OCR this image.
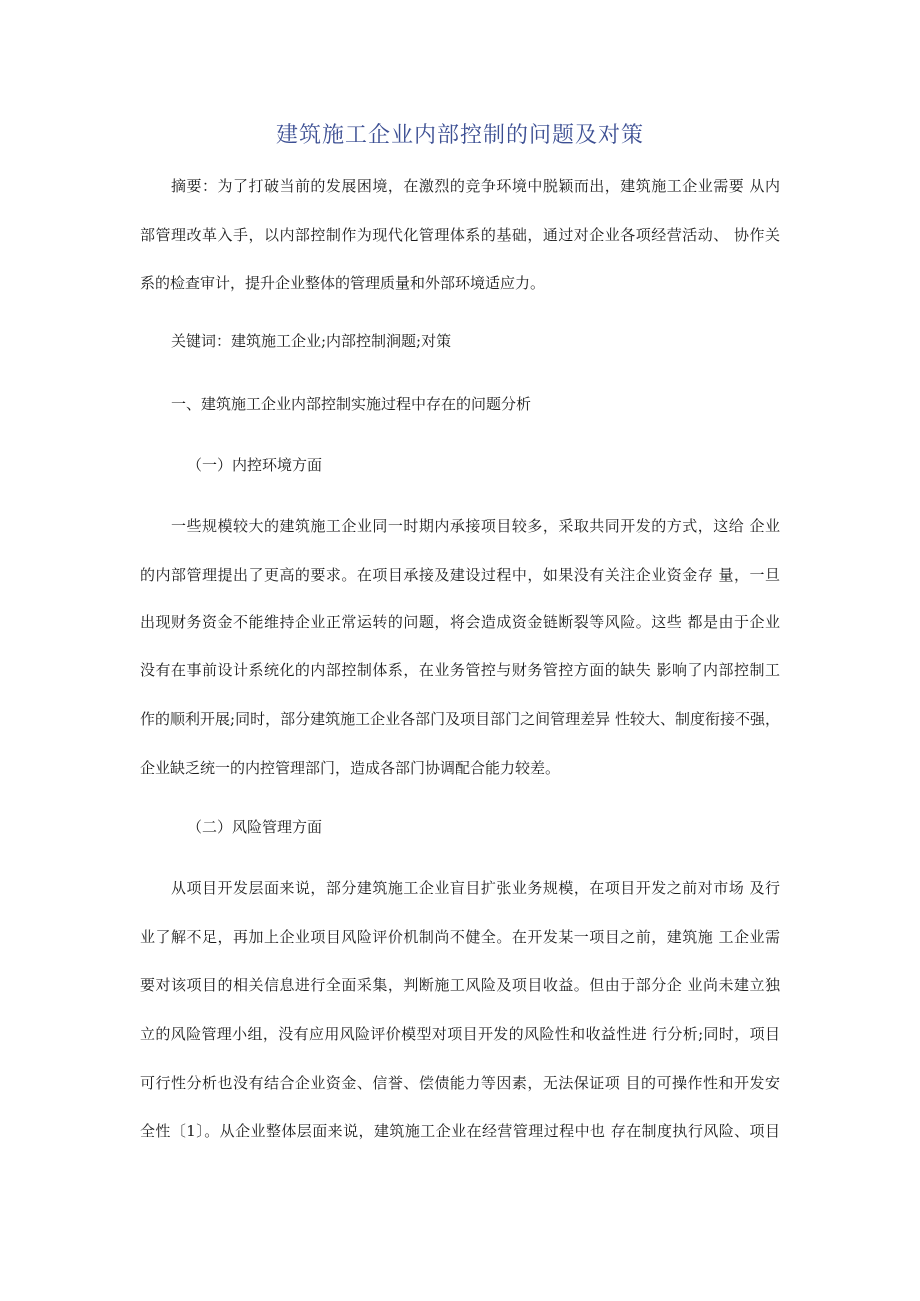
建筑施工企业内部控制的问题及对策
摘要：为了打破当前的发展困境，在激烈的竞争环境中脱颖而出，建筑施工企业需要 从内
部管理改革入手，以内部控制作为现代化管理体系的基础，通过对企业各项经营活动、 协作关
系的检查审计，提升企业整体的管理质量和外部环境适应力。
关键词：建筑施工企业;内部控制涧题;对策
一、建筑施工企业内部控制实施过程中存在的问题分析
（一）内控环境方面
一些规模较大的建筑施工企业同一时期内承接项目较多，采取共同开发的方式，这给 企业
的内部管理提出了更高的要求。在项目承接及建设过程中，如果没有关注企业资金存 量，一旦
出现财务资金不能维持企业正常运转的问题，将会造成资金链断裂等风险。这些 都是由于企业
没有在事前设计系统化的内部控制体系，在业务管控与财务管控方面的缺失 影响了内部控制工
作的顺利开展;同时，部分建筑施工企业各部门及项目部门之间管理差异 性较大、制度衔接不强，
企业缺乏统一的内控管理部门，造成各部门协调配合能力较差。
（二）风险管理方面
从项目开发层面来说，部分建筑施工企业盲目扩张业务规模，在项目开发之前对市场 及行
业了解不足，再加上企业项目风险评价机制尚不健全。在开发某一项目之前，建筑施 工企业需
要对该项目的相关信息进行全面采集，判断施工风险及项目收益。但由于部分企 业尚未建立独
立的风险管理小组，没有应用风险评价模型对项目开发的风险性和收益性进 行分析;同时，项目
可行性分析也没有结合企业资金、信誉、偿债能力等因素，无法保证项 目的可操作性和开发安
全性〔1〕。从企业整体层面来说，建筑施工企业在经营管理过程中也 存在制度执行风险、项目
